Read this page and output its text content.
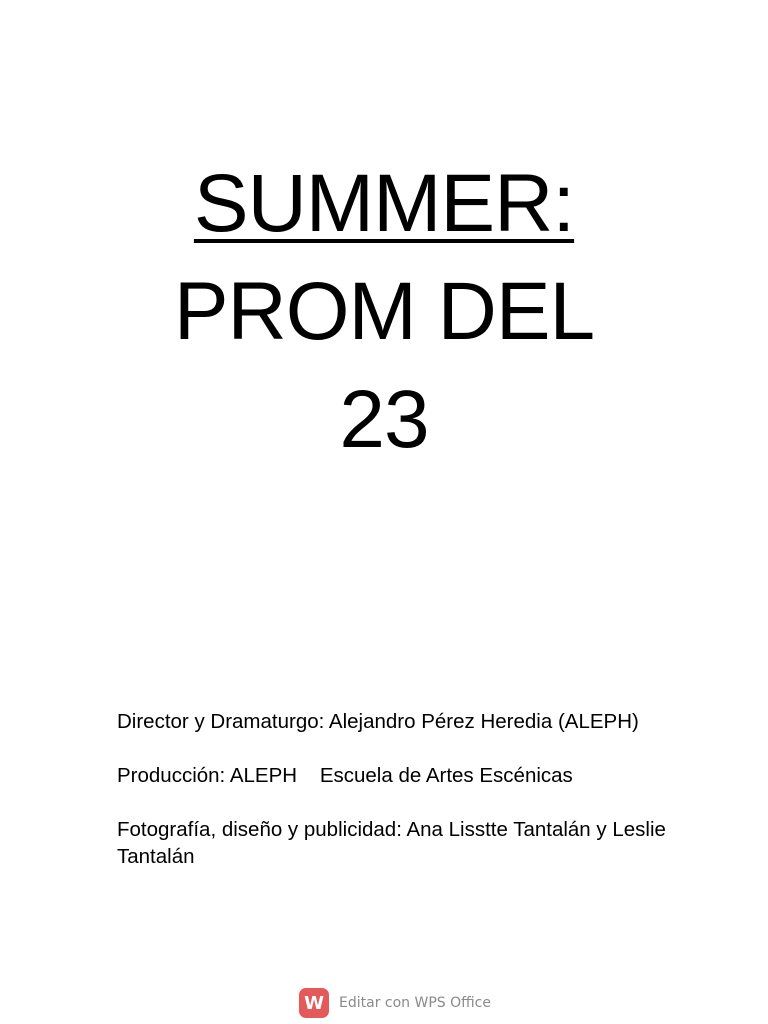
SUMMER:
PROM DEL
23

Director y Dramaturgo: Alejandro Pérez Heredia (ALEPH)

Producción: ALEPH    Escuela de Artes Escénicas

Fotografía, diseño y publicidad: Ana Lisstte Tantalán y Leslie Tantalán

W	Editar con WPS Office
